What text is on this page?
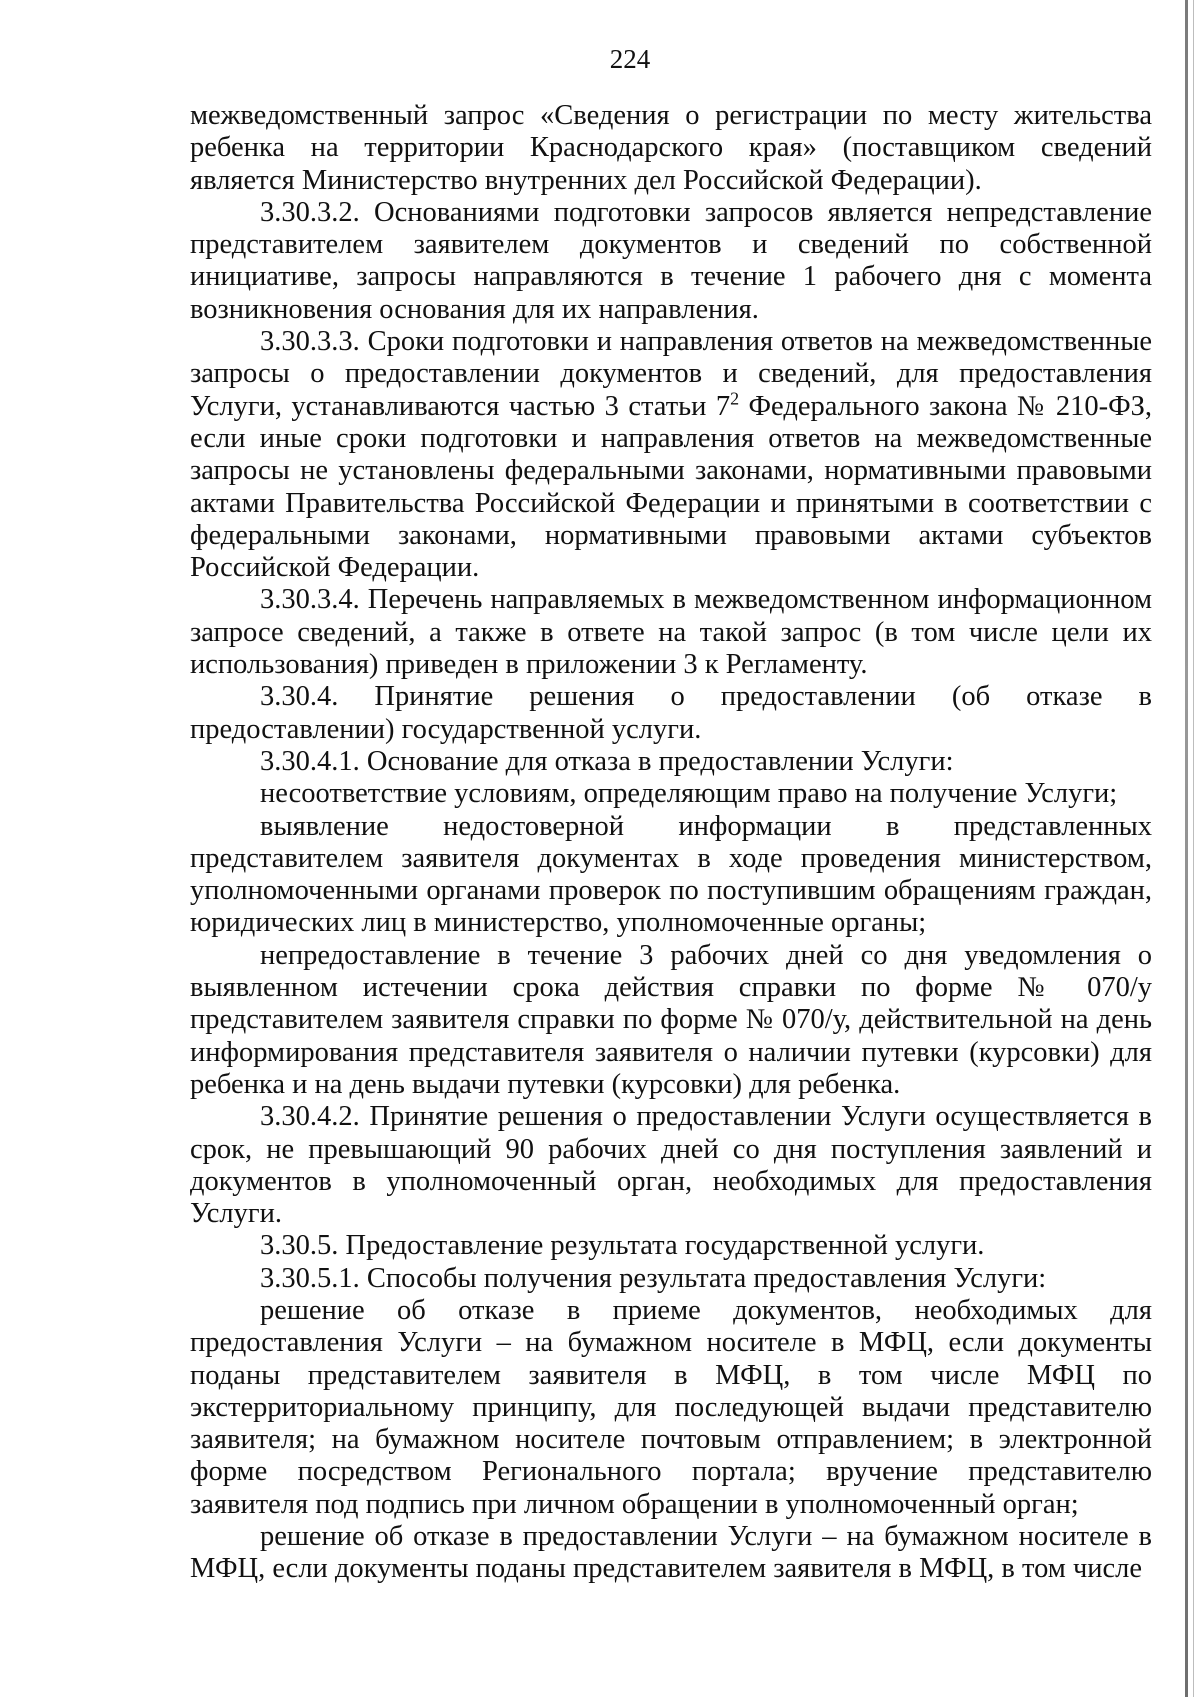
224

межведомственный запрос «Сведения о регистрации по месту жительства ребенка на территории Краснодарского края» (поставщиком сведений является Министерство внутренних дел Российской Федерации).

3.30.3.2. Основаниями подготовки запросов является непредставление представителем заявителем документов и сведений по собственной инициативе, запросы направляются в течение 1 рабочего дня с момента возникновения основания для их направления.

3.30.3.3. Сроки подготовки и направления ответов на межведомственные запросы о предоставлении документов и сведений, для предоставления Услуги, устанавливаются частью 3 статьи $7^2$ Федерального закона № 210-ФЗ, если иные сроки подготовки и направления ответов на межведомственные запросы не установлены федеральными законами, нормативными правовыми актами Правительства Российской Федерации и принятыми в соответствии с федеральными законами, нормативными правовыми актами субъектов Российской Федерации.

3.30.3.4. Перечень направляемых в межведомственном информационном запросе сведений, а также в ответе на такой запрос (в том числе цели их использования) приведен в приложении 3 к Регламенту.

3.30.4. Принятие решения о предоставлении (об отказе в предоставлении) государственной услуги.

3.30.4.1. Основание для отказа в предоставлении Услуги:

несоответствие условиям, определяющим право на получение Услуги;

выявление недостоверной информации в представленных представителем заявителя документах в ходе проведения министерством, уполномоченными органами проверок по поступившим обращениям граждан, юридических лиц в министерство, уполномоченные органы;

непредоставление в течение 3 рабочих дней со дня уведомления о выявленном истечении срока действия справки по форме № 070/у представителем заявителя справки по форме № 070/у, действительной на день информирования представителя заявителя о наличии путевки (курсовки) для ребенка и на день выдачи путевки (курсовки) для ребенка.

3.30.4.2. Принятие решения о предоставлении Услуги осуществляется в срок, не превышающий 90 рабочих дней со дня поступления заявлений и документов в уполномоченный орган, необходимых для предоставления Услуги.

3.30.5. Предоставление результата государственной услуги.

3.30.5.1. Способы получения результата предоставления Услуги:

решение об отказе в приеме документов, необходимых для предоставления Услуги – на бумажном носителе в МФЦ, если документы поданы представителем заявителя в МФЦ, в том числе МФЦ по экстерриториальному принципу, для последующей выдачи представителю заявителя; на бумажном носителе почтовым отправлением; в электронной форме посредством Регионального портала; вручение представителю заявителя под подпись при личном обращении в уполномоченный орган;

решение об отказе в предоставлении Услуги – на бумажном носителе в МФЦ, если документы поданы представителем заявителя в МФЦ, в том числе
